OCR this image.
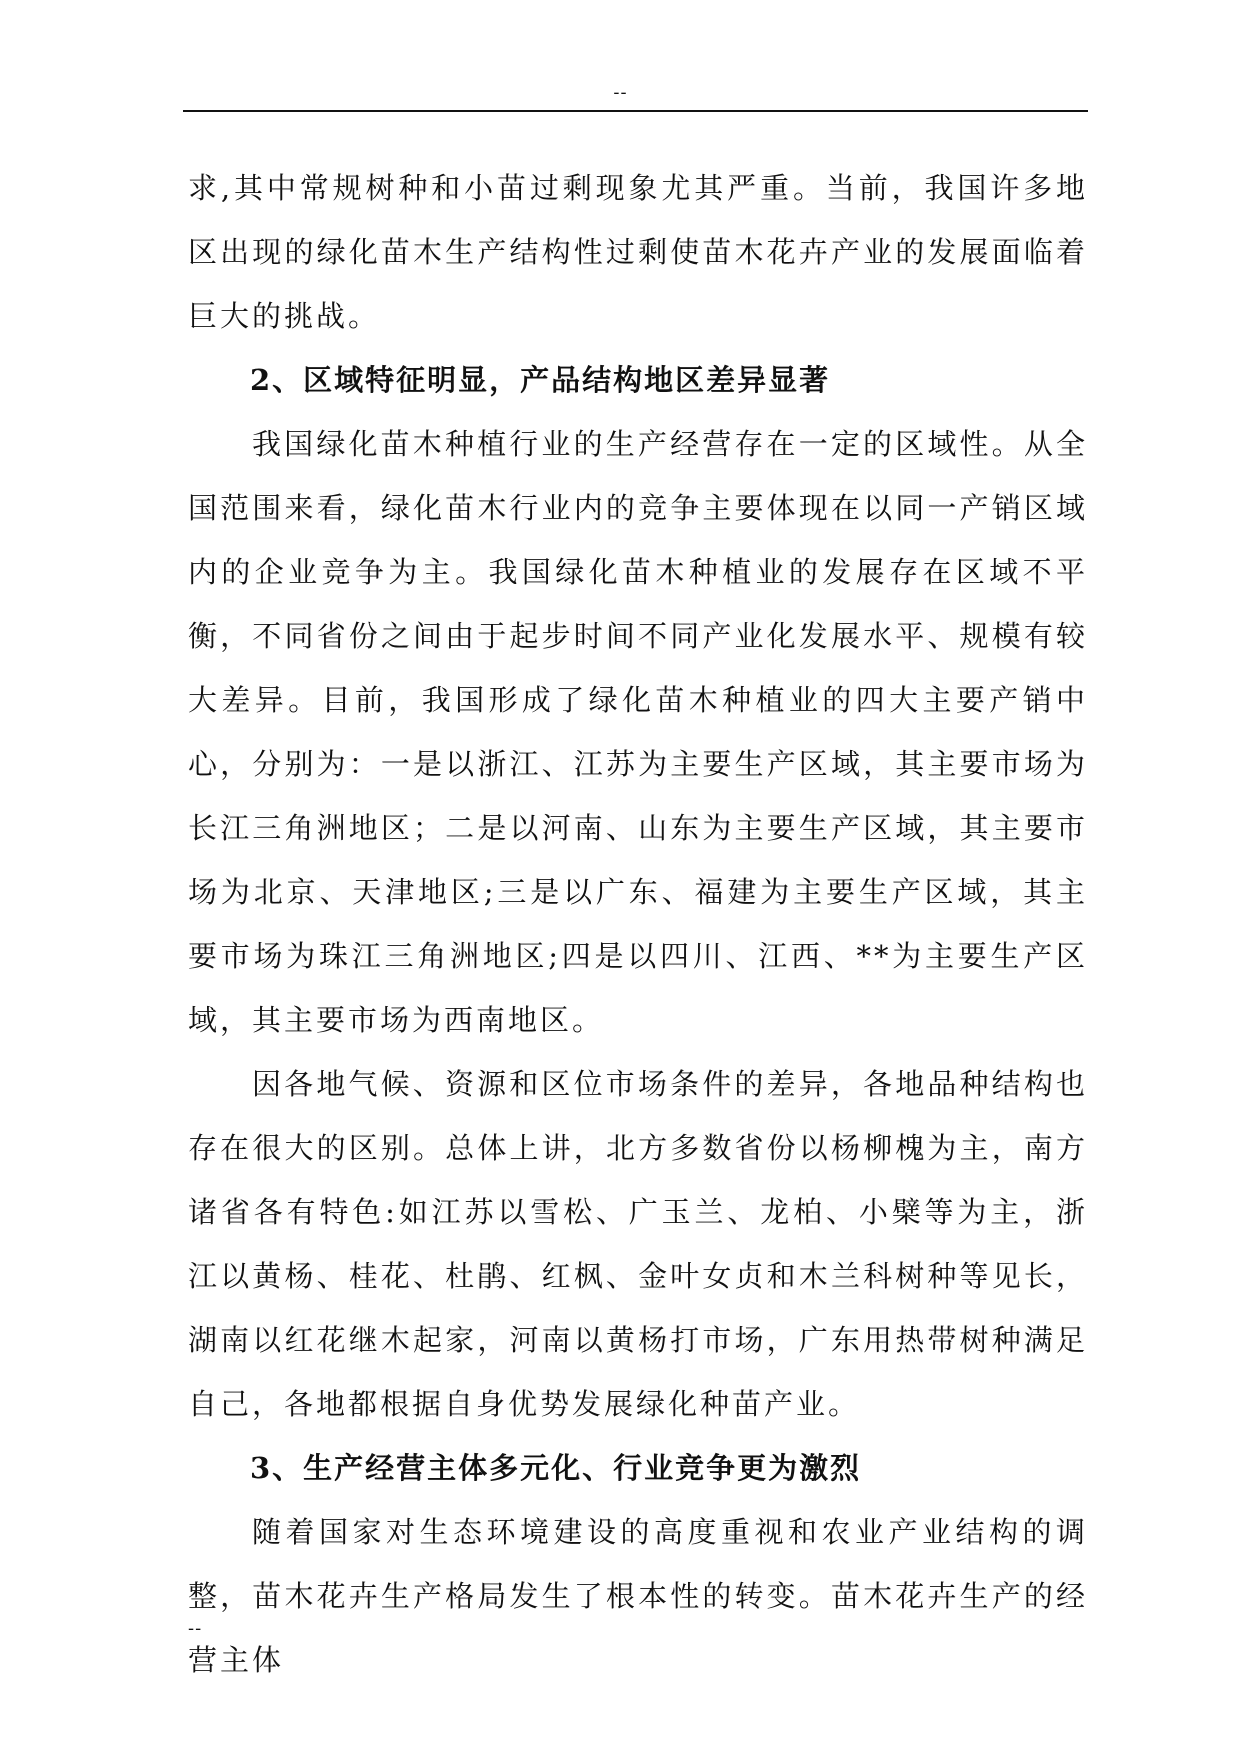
--

求,其中常规树种和小苗过剩现象尤其严重。当前，我国许多地区出现的绿化苗木生产结构性过剩使苗木花卉产业的发展面临着巨大的挑战。

2、区域特征明显，产品结构地区差异显著

我国绿化苗木种植行业的生产经营存在一定的区域性。从全国范围来看，绿化苗木行业内的竞争主要体现在以同一产销区域内的企业竞争为主。我国绿化苗木种植业的发展存在区域不平衡，不同省份之间由于起步时间不同产业化发展水平、规模有较大差异。目前，我国形成了绿化苗木种植业的四大主要产销中心，分别为：一是以浙江、江苏为主要生产区域，其主要市场为长江三角洲地区；二是以河南、山东为主要生产区域，其主要市场为北京、天津地区;三是以广东、福建为主要生产区域，其主要市场为珠江三角洲地区;四是以四川、江西、**为主要生产区域，其主要市场为西南地区。

因各地气候、资源和区位市场条件的差异，各地品种结构也存在很大的区别。总体上讲，北方多数省份以杨柳槐为主，南方诸省各有特色:如江苏以雪松、广玉兰、龙柏、小檗等为主，浙江以黄杨、桂花、杜鹃、红枫、金叶女贞和木兰科树种等见长，湖南以红花继木起家，河南以黄杨打市场，广东用热带树种满足自己，各地都根据自身优势发展绿化种苗产业。

3、生产经营主体多元化、行业竞争更为激烈

随着国家对生态环境建设的高度重视和农业产业结构的调整，苗木花卉生产格局发生了根本性的转变。苗木花卉生产的经营主体

--
